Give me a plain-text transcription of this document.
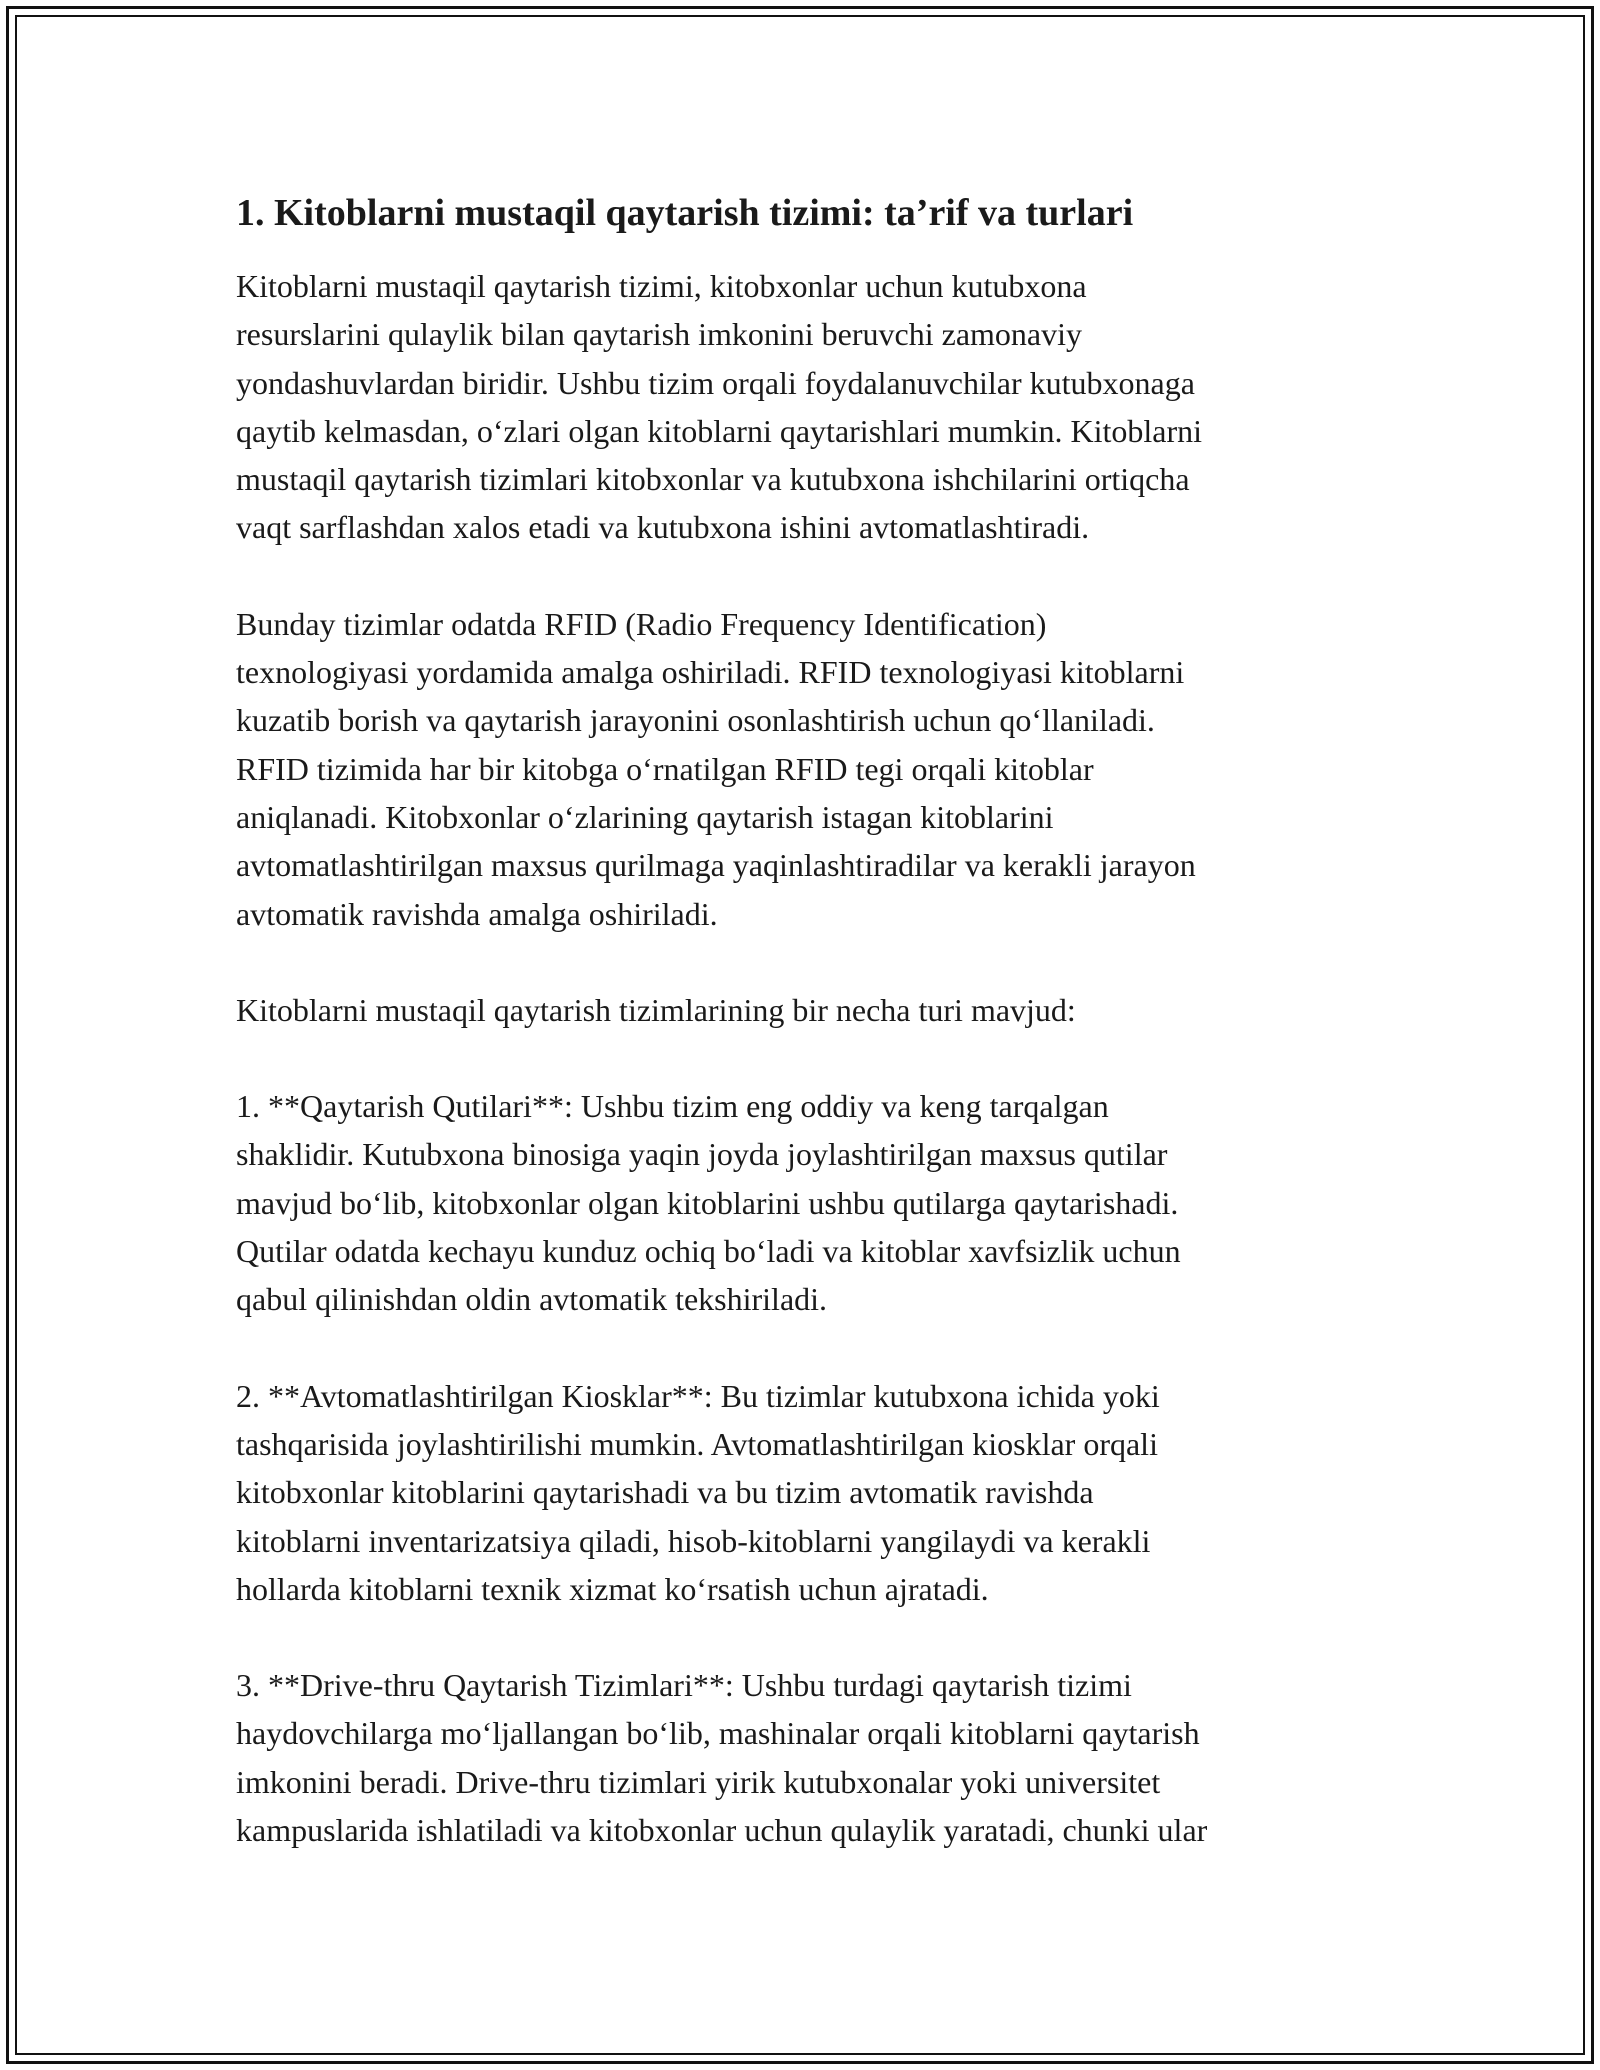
1. Kitoblarni mustaqil qaytarish tizimi: ta’rif va turlari

Kitoblarni mustaqil qaytarish tizimi, kitobxonlar uchun kutubxona
resurslarini qulaylik bilan qaytarish imkonini beruvchi zamonaviy
yondashuvlardan biridir. Ushbu tizim orqali foydalanuvchilar kutubxonaga
qaytib kelmasdan, o‘zlari olgan kitoblarni qaytarishlari mumkin. Kitoblarni
mustaqil qaytarish tizimlari kitobxonlar va kutubxona ishchilarini ortiqcha
vaqt sarflashdan xalos etadi va kutubxona ishini avtomatlashtiradi.

Bunday tizimlar odatda RFID (Radio Frequency Identification)
texnologiyasi yordamida amalga oshiriladi. RFID texnologiyasi kitoblarni
kuzatib borish va qaytarish jarayonini osonlashtirish uchun qo‘llaniladi.
RFID tizimida har bir kitobga o‘rnatilgan RFID tegi orqali kitoblar
aniqlanadi. Kitobxonlar o‘zlarining qaytarish istagan kitoblarini
avtomatlashtirilgan maxsus qurilmaga yaqinlashtiradilar va kerakli jarayon
avtomatik ravishda amalga oshiriladi.

Kitoblarni mustaqil qaytarish tizimlarining bir necha turi mavjud:

1. **Qaytarish Qutilari**: Ushbu tizim eng oddiy va keng tarqalgan
shaklidir. Kutubxona binosiga yaqin joyda joylashtirilgan maxsus qutilar
mavjud bo‘lib, kitobxonlar olgan kitoblarini ushbu qutilarga qaytarishadi.
Qutilar odatda kechayu kunduz ochiq bo‘ladi va kitoblar xavfsizlik uchun
qabul qilinishdan oldin avtomatik tekshiriladi.

2. **Avtomatlashtirilgan Kiosklar**: Bu tizimlar kutubxona ichida yoki
tashqarisida joylashtirilishi mumkin. Avtomatlashtirilgan kiosklar orqali
kitobxonlar kitoblarini qaytarishadi va bu tizim avtomatik ravishda
kitoblarni inventarizatsiya qiladi, hisob-kitoblarni yangilaydi va kerakli
hollarda kitoblarni texnik xizmat ko‘rsatish uchun ajratadi.

3. **Drive-thru Qaytarish Tizimlari**: Ushbu turdagi qaytarish tizimi
haydovchilarga mo‘ljallangan bo‘lib, mashinalar orqali kitoblarni qaytarish
imkonini beradi. Drive-thru tizimlari yirik kutubxonalar yoki universitet
kampuslarida ishlatiladi va kitobxonlar uchun qulaylik yaratadi, chunki ular
